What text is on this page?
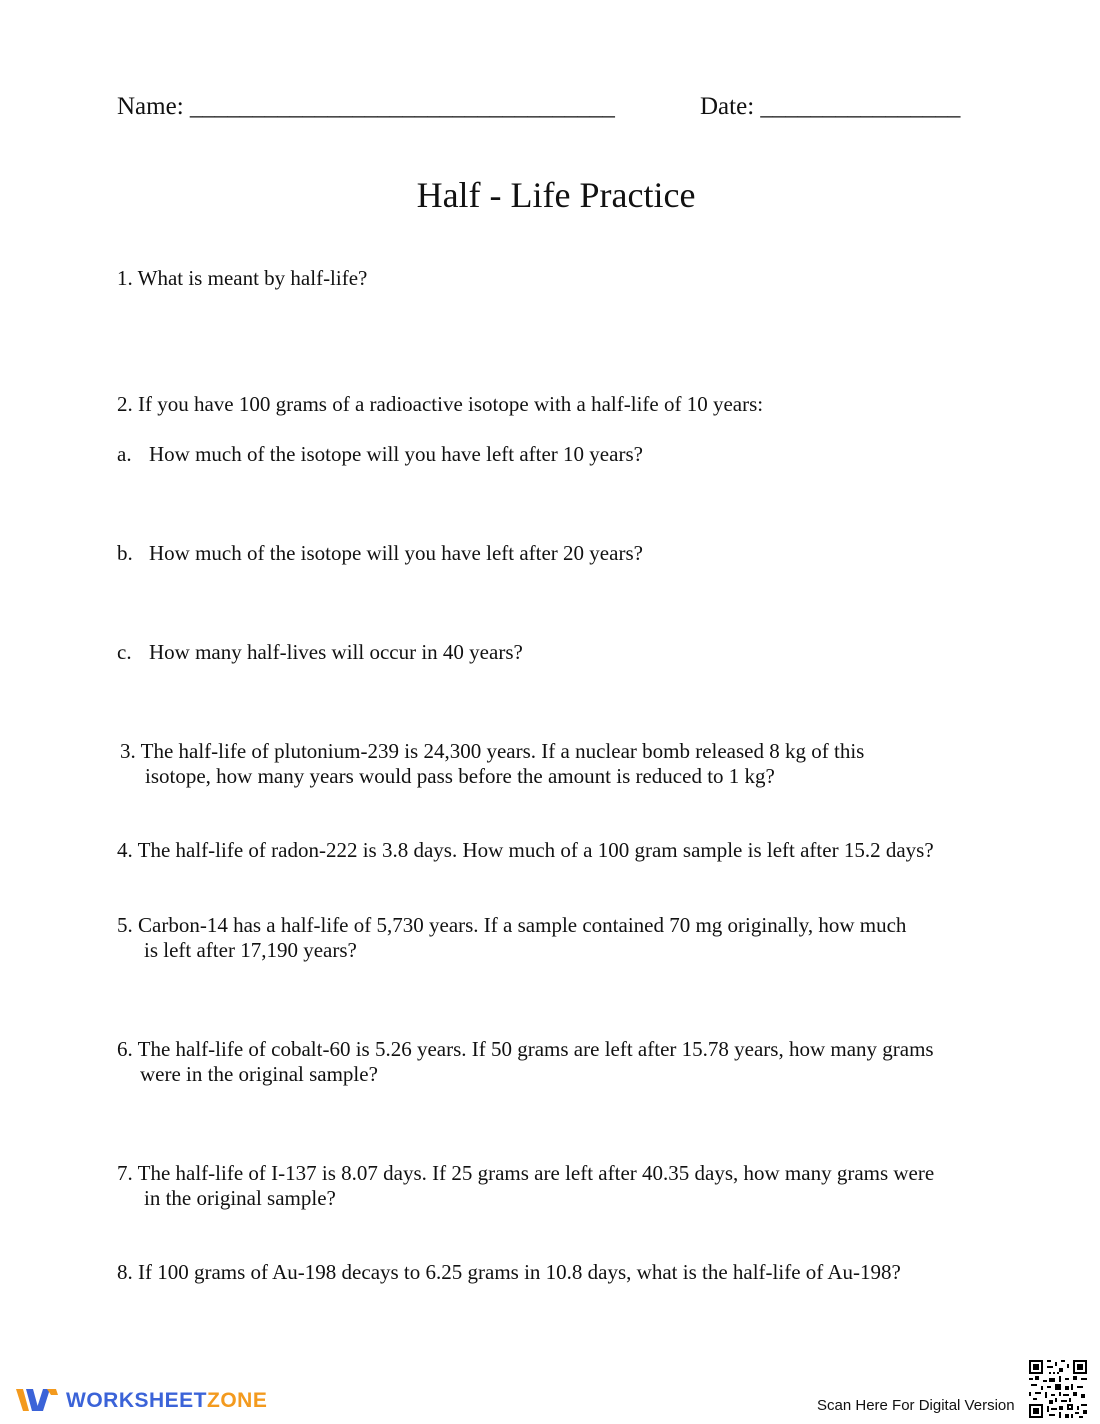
Name: __________________________________	Date: ________________
Half - Life Practice
1. What is meant by half-life?
2. If you have 100 grams of a radioactive isotope with a half-life of 10 years:
a. How much of the isotope will you have left after 10 years?
b. How much of the isotope will you have left after 20 years?
c. How many half-lives will occur in 40 years?
3. The half-life of plutonium-239 is 24,300 years. If a nuclear bomb released 8 kg of this
isotope, how many years would pass before the amount is reduced to 1 kg?
4. The half-life of radon-222 is 3.8 days. How much of a 100 gram sample is left after 15.2 days?
5. Carbon-14 has a half-life of 5,730 years. If a sample contained 70 mg originally, how much
is left after 17,190 years?
6. The half-life of cobalt-60 is 5.26 years. If 50 grams are left after 15.78 years, how many grams
were in the original sample?
7. The half-life of I-137 is 8.07 days. If 25 grams are left after 40.35 days, how many grams were
in the original sample?
8. If 100 grams of Au-198 decays to 6.25 grams in 10.8 days, what is the half-life of Au-198?
WORKSHEETZONE	Scan Here For Digital Version
